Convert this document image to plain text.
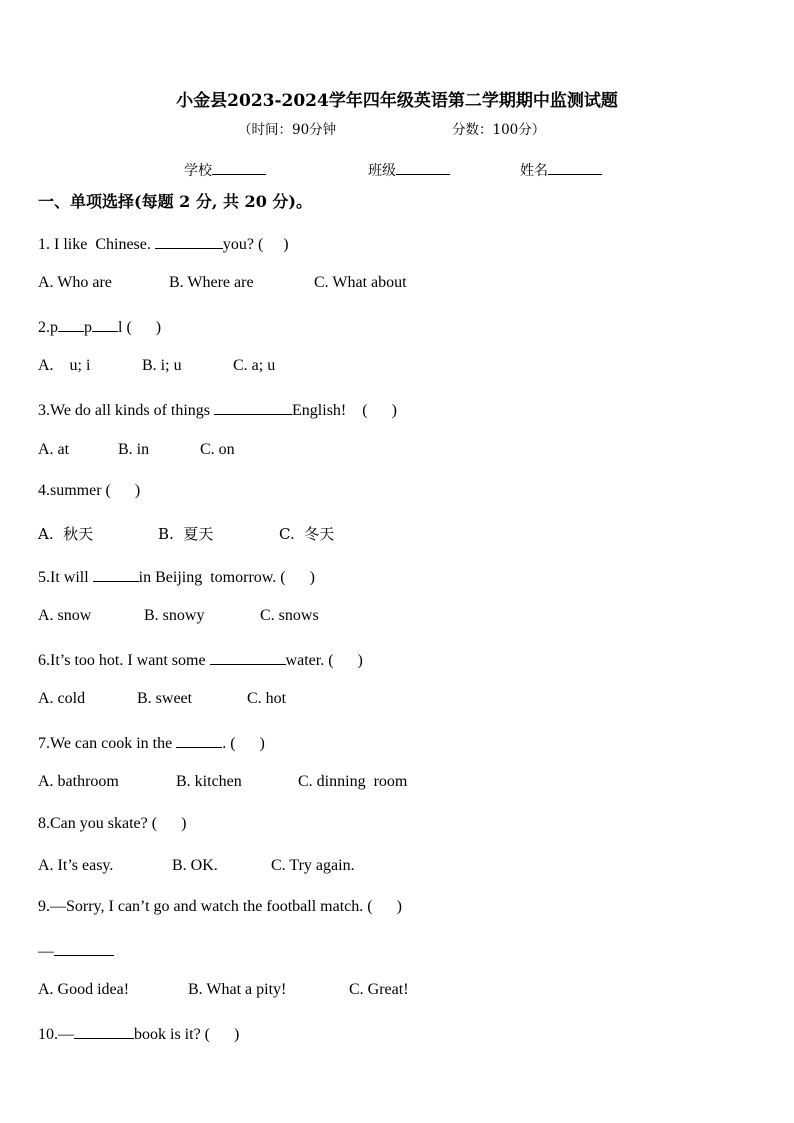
小金县2023-2024学年四年级英语第二学期期中监测试题
（时间：90分钟	分数：100分）
学校	班级	姓名
一、单项选择(每题 2 分, 共 20 分)。
1. I like  Chinese.	you? (     )
A. Who are	B. Where are	C. What about
2.p p l (      )
A.    u; i	B. i; u	C. a; u
3.We do all kinds of things	English!    (      )
A. at	B. in	C. on
4.summer (      )
A.  秋天	B.  夏天	C.  冬天
5.It will	in Beijing  tomorrow. (      )
A. snow	B. snowy	C. snows
6.It’s too hot. I want some	water. (      )
A. cold	B. sweet	C. hot
7.We can cook in the	. (      )
A. bathroom	B. kitchen	C. dinning  room
8.Can you skate? (      )
A. It’s easy.	B. OK.	C. Try again.
9.—Sorry, I can’t go and watch the football match. (      )
—
A. Good idea!	B. What a pity!	C. Great!
10.—	book is it? (      )
